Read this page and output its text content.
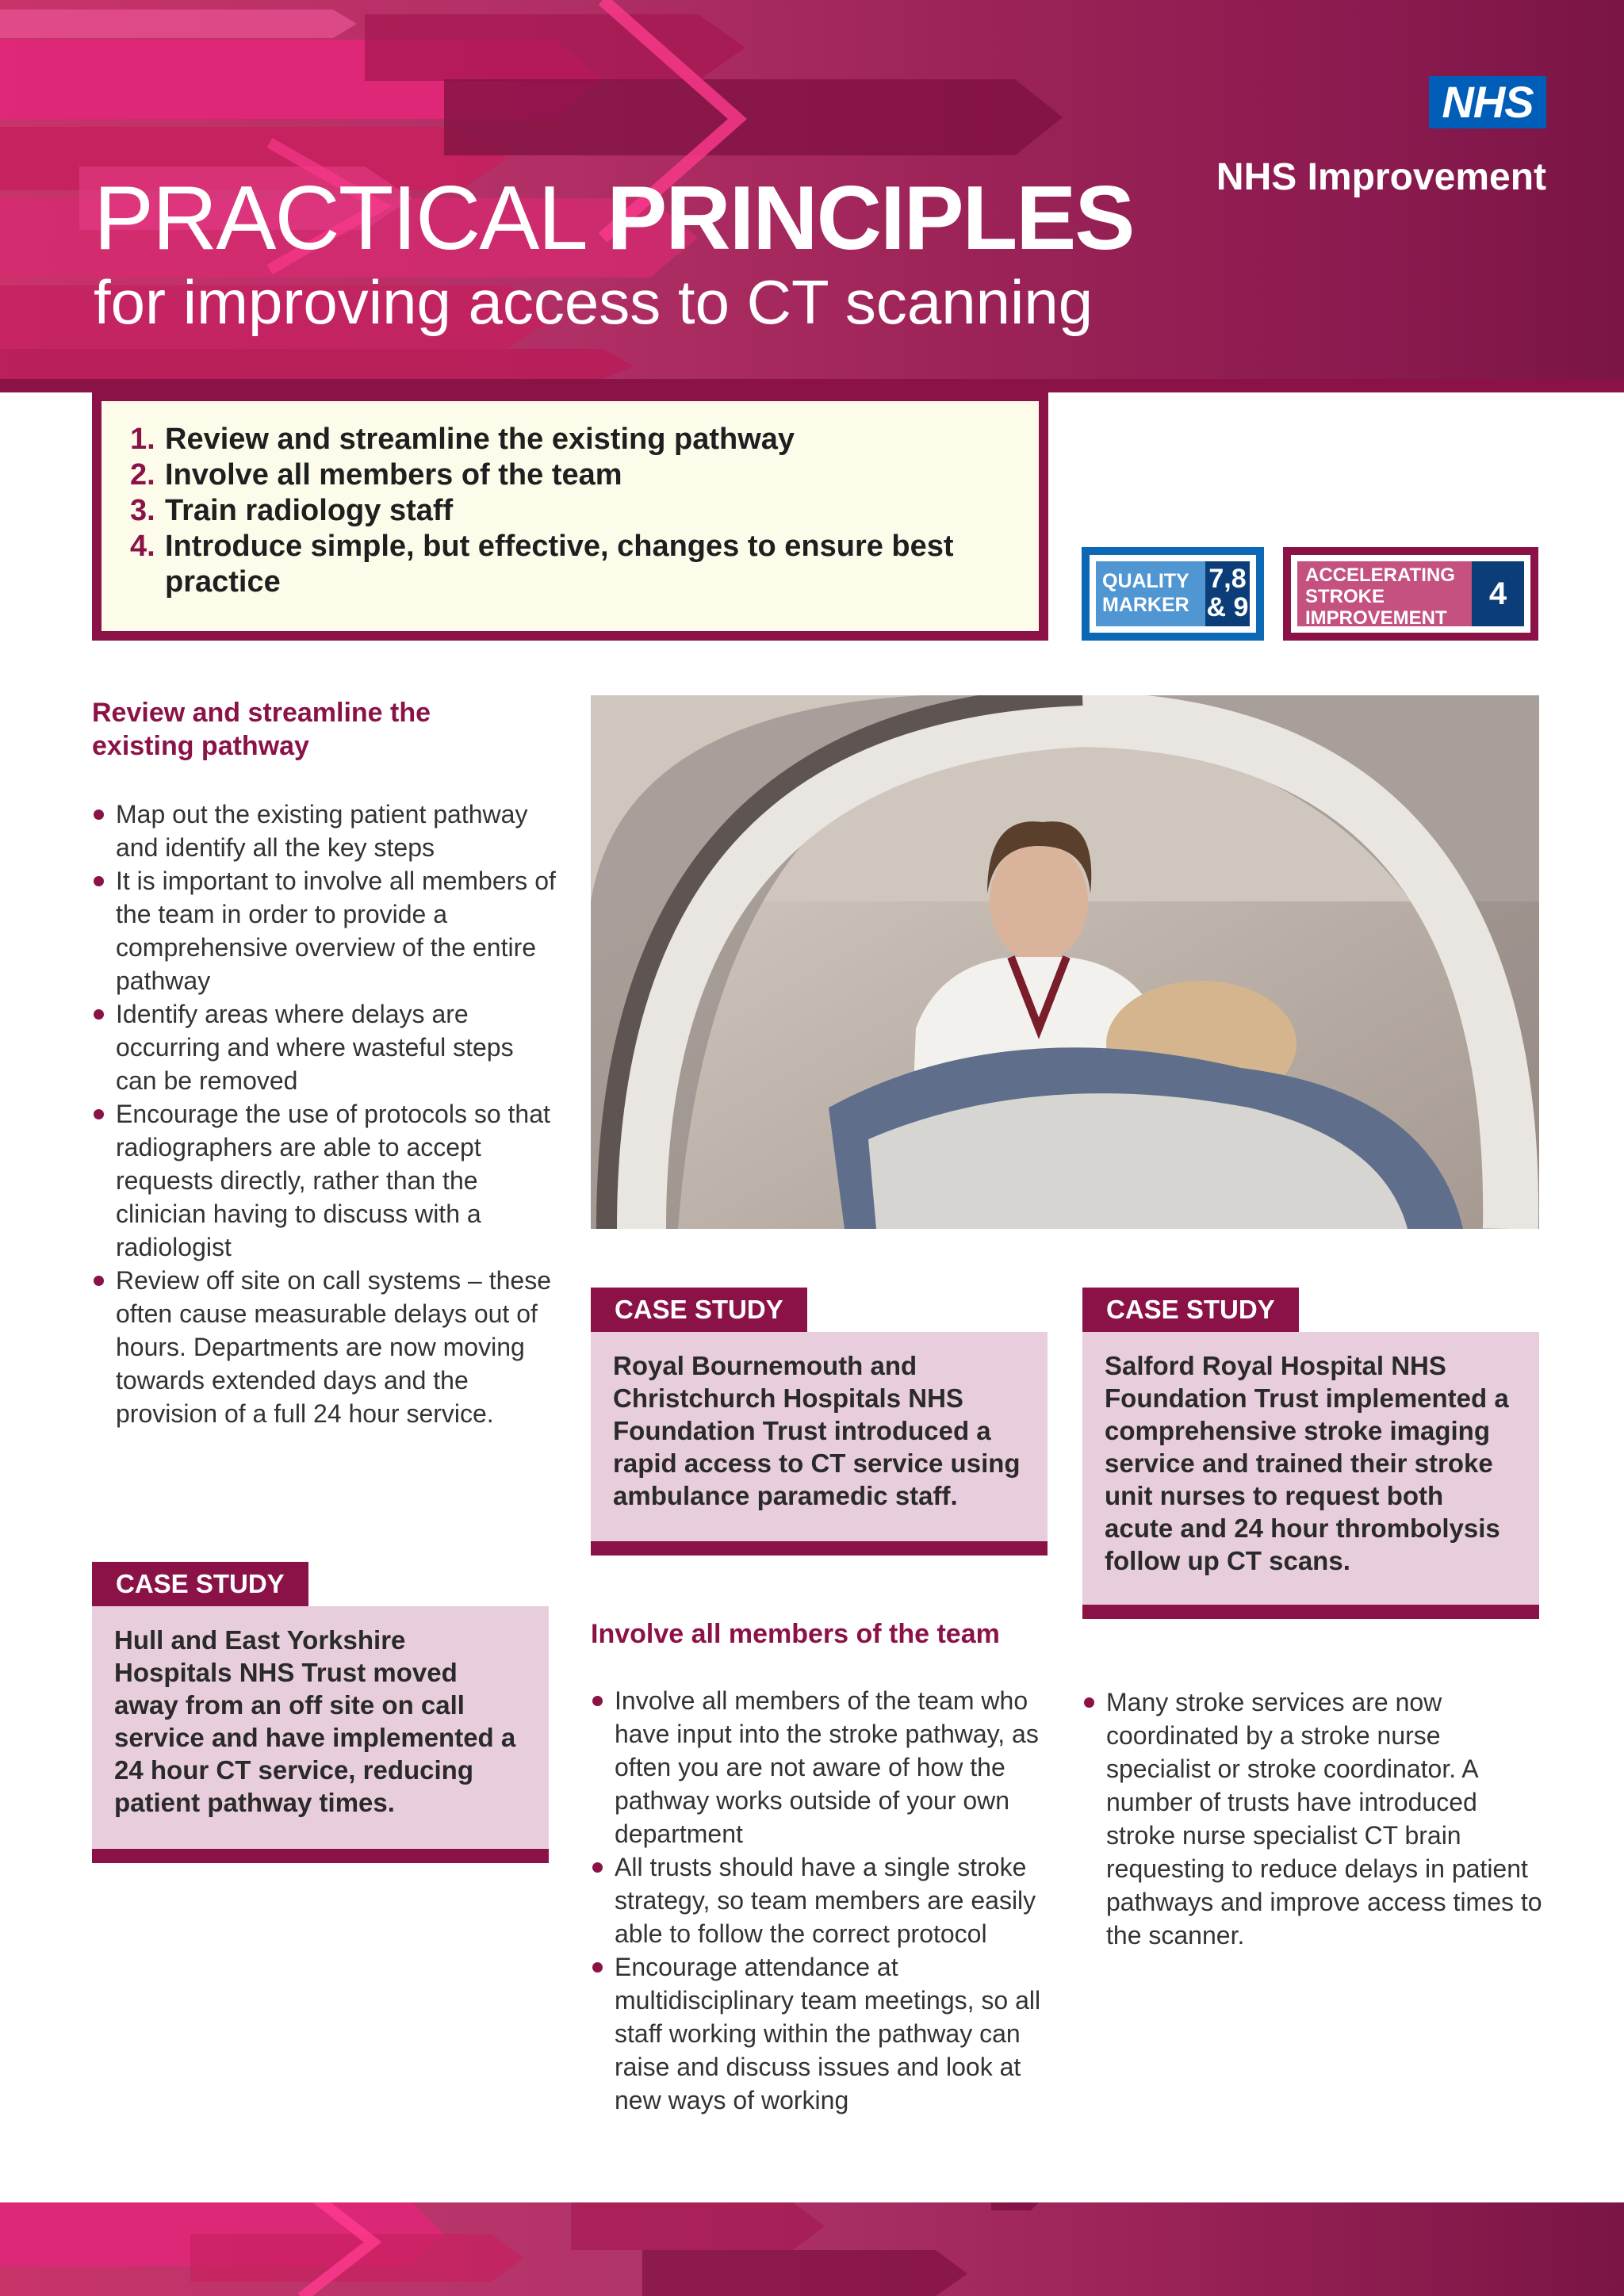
NHS
NHS Improvement
PRACTICAL PRINCIPLES
for improving access to CT scanning
1. Review and streamline the existing pathway
2. Involve all members of the team
3. Train radiology staff
4. Introduce simple, but effective, changes to ensure best practice	QUALITY
MARKER
7,8
& 9
ACCELERATING
STROKE
IMPROVEMENT
4
Review and streamline the existing pathway
Map out the existing patient pathway and identify all the key steps
It is important to involve all members of the team in order to provide a comprehensive overview of the entire pathway
Identify areas where delays are occurring and where wasteful steps can be removed
Encourage the use of protocols so that radiographers are able to accept requests directly, rather than the clinician having to discuss with a radiologist
Review off site on call systems – these often cause measurable delays out of hours. Departments are now moving towards extended days and the provision of a full 24 hour service.
CASE STUDY
Hull and East Yorkshire Hospitals NHS Trust moved away from an off site on call service and have implemented a 24 hour CT service, reducing patient pathway times.
CASE STUDY
Royal Bournemouth and Christchurch Hospitals NHS Foundation Trust introduced a rapid access to CT service using ambulance paramedic staff.
CASE STUDY
Salford Royal Hospital NHS Foundation Trust implemented a comprehensive stroke imaging service and trained their stroke unit nurses to request both acute and 24 hour thrombolysis follow up CT scans.
Involve all members of the team
Involve all members of the team who have input into the stroke pathway, as often you are not aware of how the pathway works outside of your own department
All trusts should have a single stroke strategy, so team members are easily able to follow the correct protocol
Encourage attendance at multidisciplinary team meetings, so all staff working within the pathway can raise and discuss issues and look at new ways of working
Many stroke services are now coordinated by a stroke nurse specialist or stroke coordinator. A number of trusts have introduced stroke nurse specialist CT brain requesting to reduce delays in patient pathways and improve access times to the scanner.
